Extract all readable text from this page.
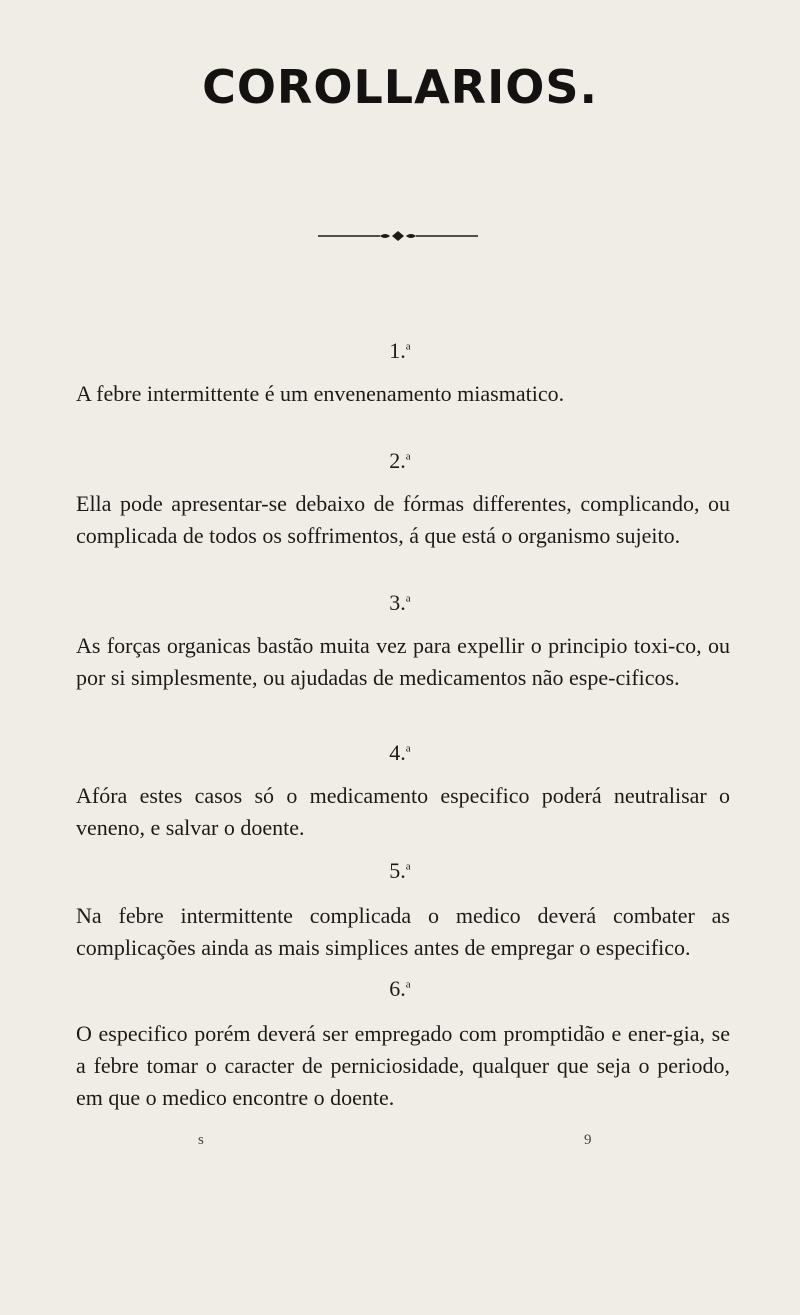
COROLLARIOS.
1.$^a$
A febre intermittente é um envenenamento miasmatico.
2.$^a$
Ella pode apresentar-se debaixo de fórmas differentes, complicando, ou complicada de todos os soffrimentos, á que está o organismo sujeito.
3.$^a$
As forças organicas bastão muita vez para expellir o principio toxi-co, ou por si simplesmente, ou ajudadas de medicamentos não espe-cificos.
4.$^a$
Afóra estes casos só o medicamento especifico poderá neutralisar o veneno, e salvar o doente.
5.$^a$
Na febre intermittente complicada o medico deverá combater as complicações ainda as mais simplices antes de empregar o especifico.
6.$^a$
O especifico porém deverá ser empregado com promptidão e ener-gia, se a febre tomar o caracter de perniciosidade, qualquer que seja o periodo, em que o medico encontre o doente.
s	9
